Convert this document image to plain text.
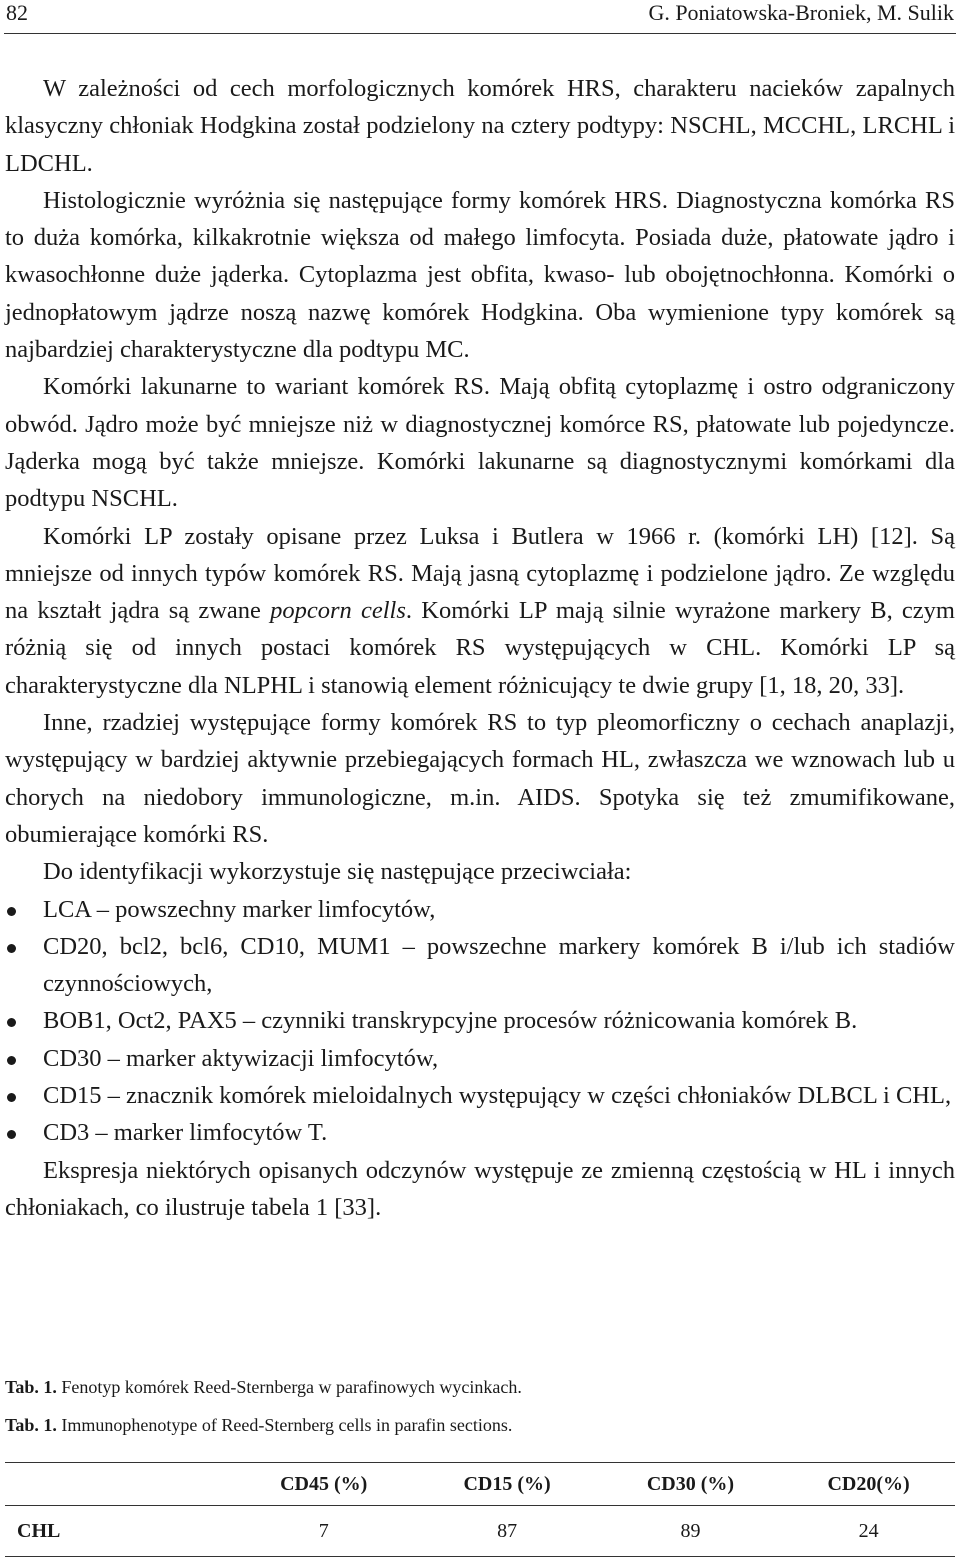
82	G. Poniatowska-Broniek, M. Sulik

W zależności od cech morfologicznych komórek HRS, charakteru nacieków zapalnych klasyczny chłoniak Hodgkina został podzielony na cztery podtypy: NSCHL, MCCHL, LRCHL i LDCHL.

Histologicznie wyróżnia się następujące formy komórek HRS. Diagnostyczna komórka RS to duża komórka, kilkakrotnie większa od małego limfocyta. Posiada duże, płatowate jądro i kwasochłonne duże jąderka. Cytoplazma jest obfita, kwaso- lub obojętnochłonna. Komórki o jednopłatowym jądrze noszą nazwę komórek Hodgkina. Oba wymienione typy komórek są najbardziej charakterystyczne dla podtypu MC.

Komórki lakunarne to wariant komórek RS. Mają obfitą cytoplazmę i ostro odgraniczony obwód. Jądro może być mniejsze niż w diagnostycznej komórce RS, płatowate lub pojedyncze. Jąderka mogą być także mniejsze. Komórki lakunarne są diagnostycznymi komórkami dla podtypu NSCHL.

Komórki LP zostały opisane przez Luksa i Butlera w 1966 r. (komórki LH) [12]. Są mniejsze od innych typów komórek RS. Mają jasną cytoplazmę i podzielone jądro. Ze względu na kształt jądra są zwane popcorn cells. Komórki LP mają silnie wyrażone markery B, czym różnią się od innych postaci komórek RS występujących w CHL. Komórki LP są charakterystyczne dla NLPHL i stanowią element różnicujący te dwie grupy [1, 18, 20, 33].

Inne, rzadziej występujące formy komórek RS to typ pleomorficzny o cechach anaplazji, występujący w bardziej aktywnie przebiegających formach HL, zwłaszcza we wznowach lub u chorych na niedobory immunologiczne, m.in. AIDS. Spotyka się też zmumifikowane, obumierające komórki RS.

Do identyfikacji wykorzystuje się następujące przeciwciała:

LCA – powszechny marker limfocytów,
CD20, bcl2, bcl6, CD10, MUM1 – powszechne markery komórek B i/lub ich stadiów czynnościowych,
BOB1, Oct2, PAX5 – czynniki transkrypcyjne procesów różnicowania komórek B.
CD30 – marker aktywizacji limfocytów,
CD15 – znacznik komórek mieloidalnych występujący w części chłoniaków DLBCL i CHL,
CD3 – marker limfocytów T.

Ekspresja niektórych opisanych odczynów występuje ze zmienną częstością w HL i innych chłoniakach, co ilustruje tabela 1 [33].

Tab. 1. Fenotyp komórek Reed-Sternberga w parafinowych wycinkach.
Tab. 1. Immunophenotype of Reed-Sternberg cells in parafin sections.
	CD45 (%)	CD15 (%)	CD30 (%)	CD20(%)
CHL	7	87	89	24
